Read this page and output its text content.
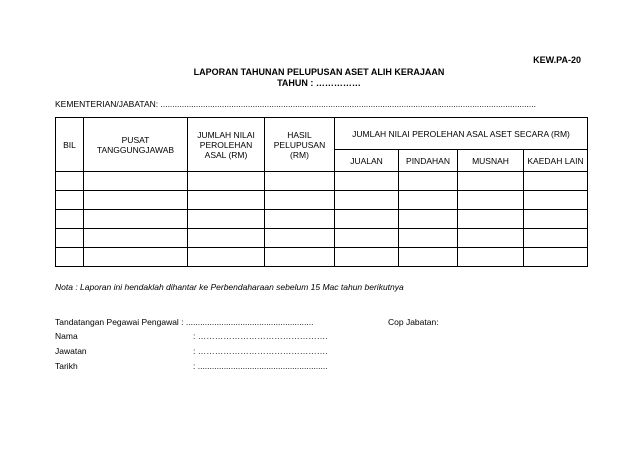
KEW.PA-20
LAPORAN TAHUNAN PELUPUSAN ASET ALIH KERAJAAN
TAHUN : ……………
KEMENTERIAN/JABATAN: ...............................................................................................................................................................
BIL	PUSAT TANGGUNGJAWAB	JUMLAH NILAI PEROLEHAN ASAL (RM)	HASIL PELUPUSAN (RM)	JUMLAH NILAI PEROLEHAN ASAL ASET SECARA (RM)			
				JUALAN	PINDAHAN	MUSNAH	KAEDAH LAIN

Nota : Laporan ini hendaklah dihantar ke Perbendaharaan sebelum 15 Mac tahun berikutnya
Tandatangan Pegawai Pengawal : ......................................................	Cop Jabatan:
Nama	: ……………………………………….
Jawatan	: ……………………………………….
Tarikh	: .......................................................
